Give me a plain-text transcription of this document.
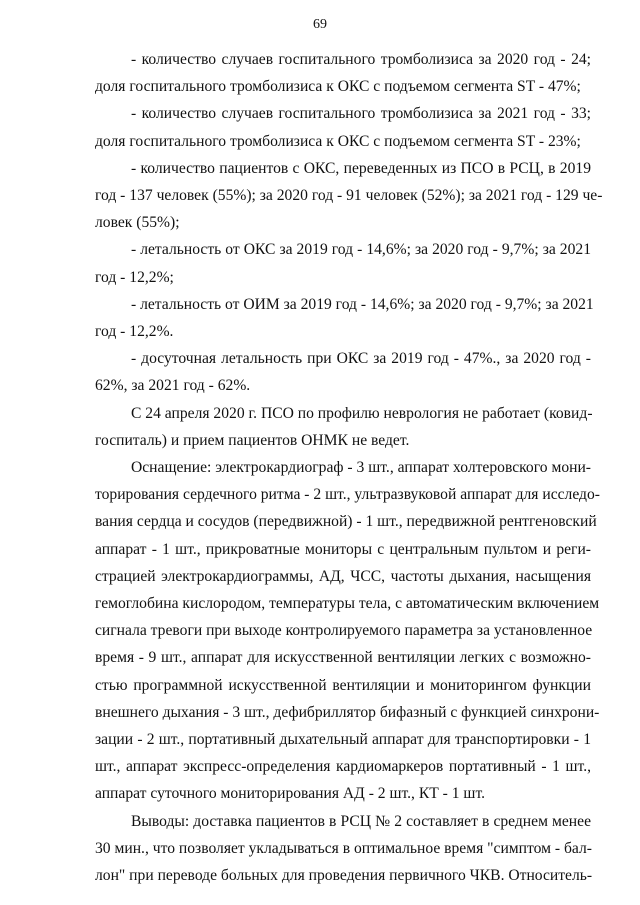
69
- количество случаев госпитального тромболизиса за 2020 год - 24;
доля госпитального тромболизиса к ОКС с подъемом сегмента ST - 47%;
- количество случаев госпитального тромболизиса за 2021 год - 33;
доля госпитального тромболизиса к ОКС с подъемом сегмента ST - 23%;
- количество пациентов с ОКС, переведенных из ПСО в РСЦ, в 2019
год - 137 человек (55%); за 2020 год - 91 человек (52%); за 2021 год - 129 че-
ловек (55%);
- летальность от ОКС за 2019 год - 14,6%; за 2020 год - 9,7%; за 2021
год - 12,2%;
- летальность от ОИМ за 2019 год - 14,6%; за 2020 год - 9,7%; за 2021
год - 12,2%.
- досуточная летальность при ОКС за 2019 год - 47%., за 2020 год -
62%, за 2021 год - 62%.
С 24 апреля 2020 г. ПСО по профилю неврология не работает (ковид-
госпиталь) и прием пациентов ОНМК не ведет.
Оснащение: электрокардиограф - 3 шт., аппарат холтеровского мони-
торирования сердечного ритма - 2 шт., ультразвуковой аппарат для исследо-
вания сердца и сосудов (передвижной) - 1 шт., передвижной рентгеновский
аппарат - 1 шт., прикроватные мониторы с центральным пультом и реги-
страцией электрокардиограммы, АД, ЧСС, частоты дыхания, насыщения
гемоглобина кислородом, температуры тела, с автоматическим включением
сигнала тревоги при выходе контролируемого параметра за установленное
время - 9 шт., аппарат для искусственной вентиляции легких с возможно-
стью программной искусственной вентиляции и мониторингом функции
внешнего дыхания - 3 шт., дефибриллятор бифазный с функцией синхрони-
зации - 2 шт., портативный дыхательный аппарат для транспортировки - 1
шт., аппарат экспресс-определения кардиомаркеров портативный - 1 шт.,
аппарат суточного мониторирования АД - 2 шт., КТ - 1 шт.
Выводы: доставка пациентов в РСЦ № 2 составляет в среднем менее
30 мин., что позволяет укладываться в оптимальное время "симптом - бал-
лон" при переводе больных для проведения первичного ЧКВ. Относитель-
